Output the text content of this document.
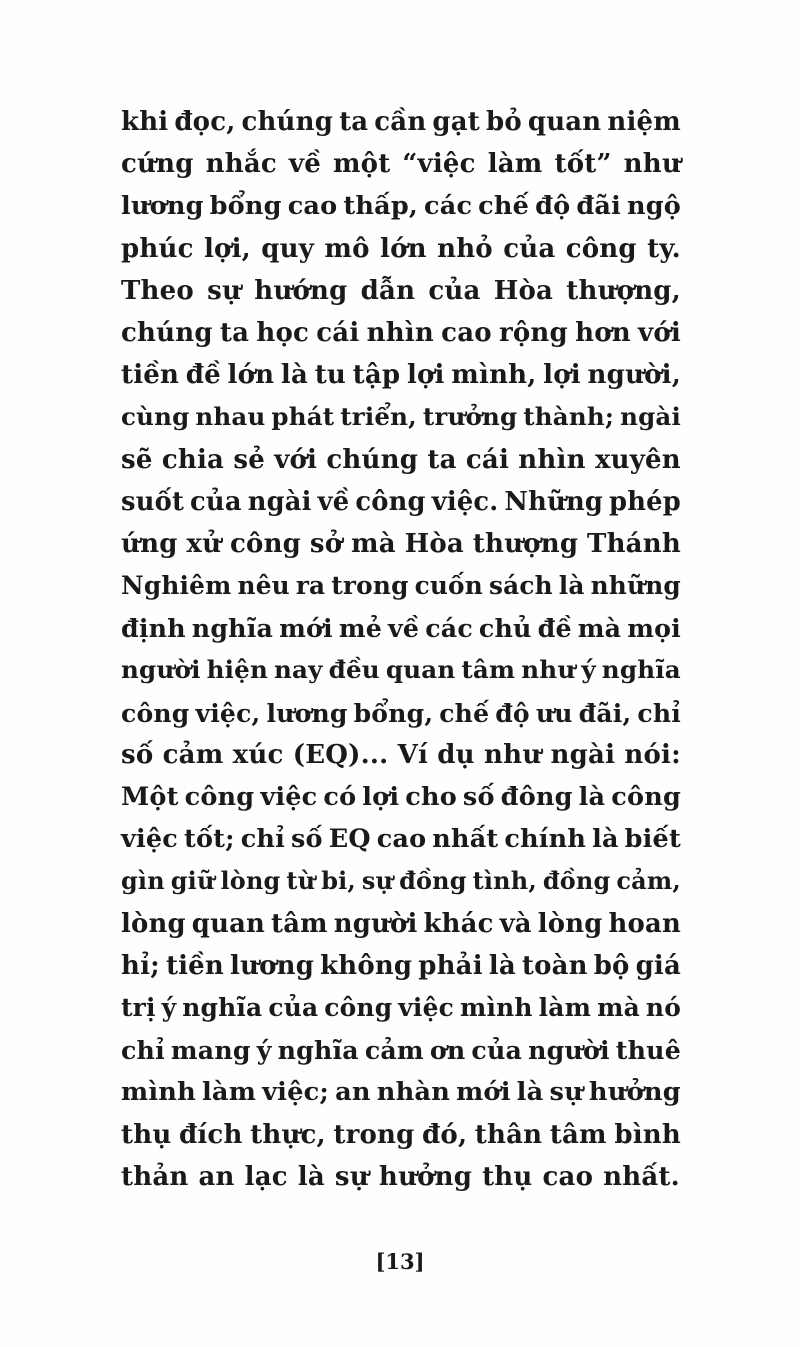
khi đọc, chúng ta cần gạt bỏ quan niệm
cứng nhắc về một “việc làm tốt” như
lương bổng cao thấp, các chế độ đãi ngộ
phúc lợi, quy mô lớn nhỏ của công ty.
Theo sự hướng dẫn của Hòa thượng,
chúng ta học cái nhìn cao rộng hơn với
tiền đề lớn là tu tập lợi mình, lợi người,
cùng nhau phát triển, trưởng thành; ngài
sẽ chia sẻ với chúng ta cái nhìn xuyên
suốt của ngài về công việc. Những phép
ứng xử công sở mà Hòa thượng Thánh
Nghiêm nêu ra trong cuốn sách là những
định nghĩa mới mẻ về các chủ đề mà mọi
người hiện nay đều quan tâm như ý nghĩa
công việc, lương bổng, chế độ ưu đãi, chỉ
số cảm xúc (EQ)... Ví dụ như ngài nói:
Một công việc có lợi cho số đông là công
việc tốt; chỉ số EQ cao nhất chính là biết
gìn giữ lòng từ bi, sự đồng tình, đồng cảm,
lòng quan tâm người khác và lòng hoan
hỉ; tiền lương không phải là toàn bộ giá
trị ý nghĩa của công việc mình làm mà nó
chỉ mang ý nghĩa cảm ơn của người thuê
mình làm việc; an nhàn mới là sự hưởng
thụ đích thực, trong đó, thân tâm bình
thản an lạc là sự hưởng thụ cao nhất.
[13]
